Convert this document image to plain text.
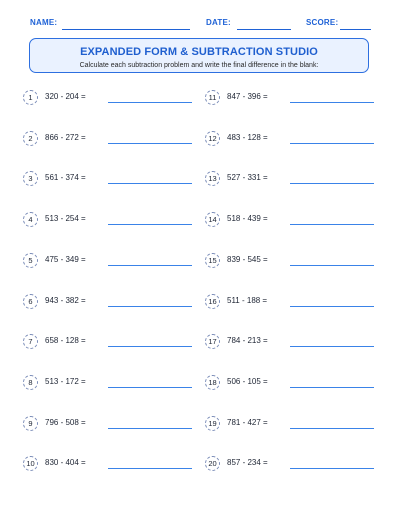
NAME:	DATE:	SCORE:
EXPANDED FORM & SUBTRACTION STUDIO
Calculate each subtraction problem and write the final difference in the blank:
1	320 - 204 =
2	866 - 272 =
3	561 - 374 =
4	513 - 254 =
5	475 - 349 =
6	943 - 382 =
7	658 - 128 =
8	513 - 172 =
9	796 - 508 =
10	830 - 404 =
11	847 - 396 =
12	483 - 128 =
13	527 - 331 =
14	518 - 439 =
15	839 - 545 =
16	511 - 188 =
17	784 - 213 =
18	506 - 105 =
19	781 - 427 =
20	857 - 234 =
